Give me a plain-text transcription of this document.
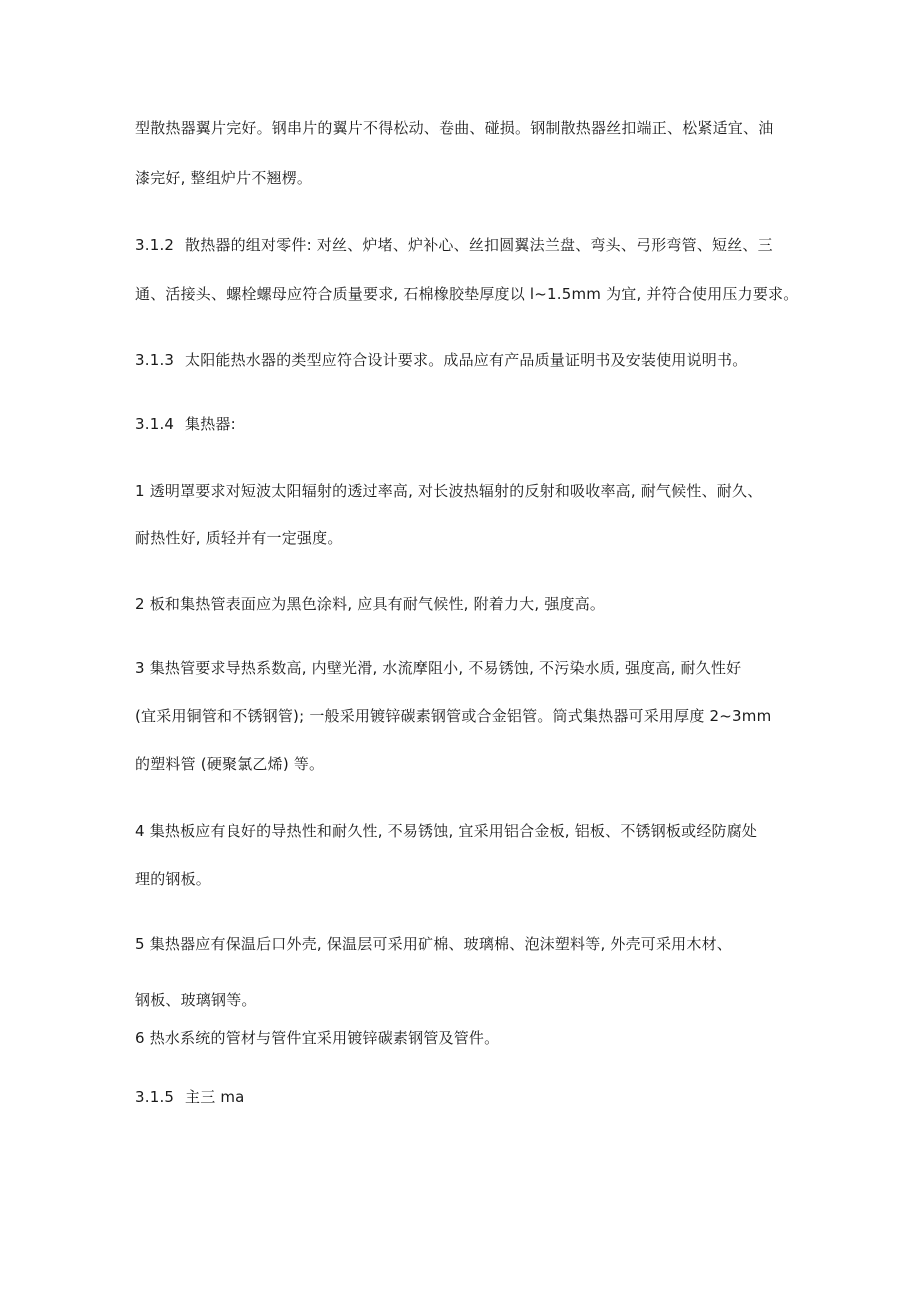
型散热器翼片完好。钢串片的翼片不得松动、卷曲、碰损。钢制散热器丝扣端正、松紧适宜、油
漆完好, 整组炉片不翘楞。
3.1.2 散热器的组对零件: 对丝、炉堵、炉补心、丝扣圆翼法兰盘、弯头、弓形弯管、短丝、三
通、活接头、螺栓螺母应符合质量要求, 石棉橡胶垫厚度以 l~1.5mm 为宜, 并符合使用压力要求。
3.1.3 太阳能热水器的类型应符合设计要求。成品应有产品质量证明书及安装使用说明书。
3.1.4 集热器:
1 透明罩要求对短波太阳辐射的透过率高, 对长波热辐射的反射和吸收率高, 耐气候性、耐久、
耐热性好, 质轻并有一定强度。
2 板和集热管表面应为黑色涂料, 应具有耐气候性, 附着力大, 强度高。
3 集热管要求导热系数高, 内壁光滑, 水流摩阻小, 不易锈蚀, 不污染水质, 强度高, 耐久性好
(宜采用铜管和不锈钢管); 一般采用镀锌碳素钢管或合金铝管。筒式集热器可采用厚度 2~3mm
的塑料管 (硬聚氯乙烯) 等。
4 集热板应有良好的导热性和耐久性, 不易锈蚀, 宜采用铝合金板, 铝板、不锈钢板或经防腐处
理的钢板。
5 集热器应有保温后口外壳, 保温层可采用矿棉、玻璃棉、泡沫塑料等, 外壳可采用木材、
钢板、玻璃钢等。
6 热水系统的管材与管件宜采用镀锌碳素钢管及管件。
3.1.5 主三 ma
